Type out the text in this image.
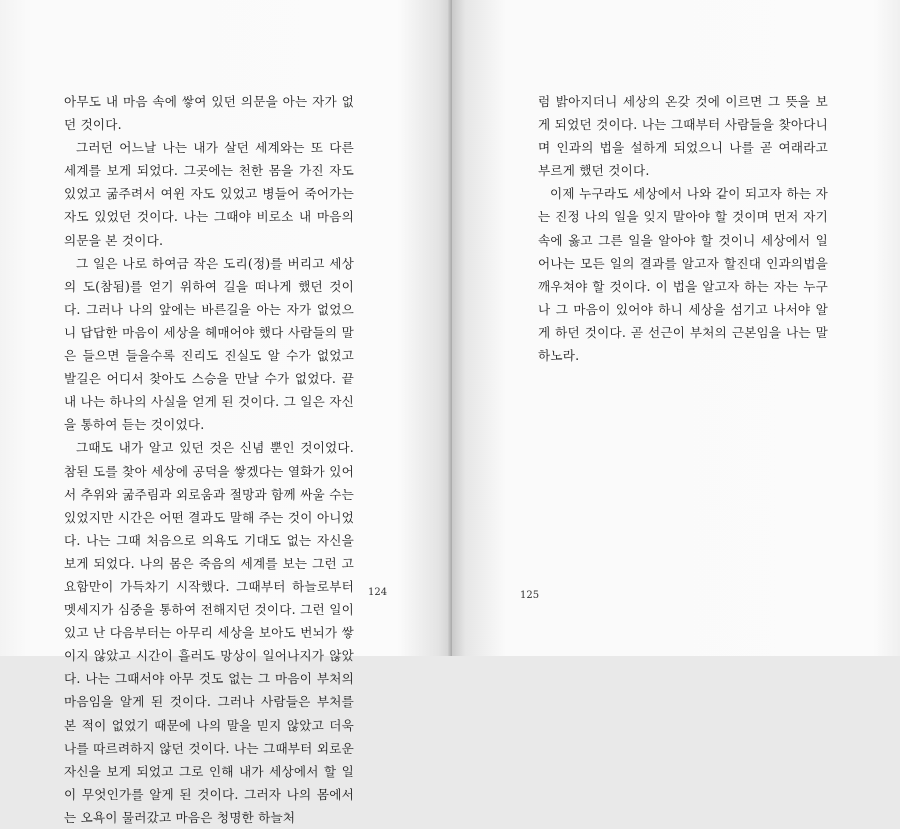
아무도 내 마음 속에 쌓여 있던 의문을 아는 자가 없던 것이다.

그러던 어느날 나는 내가 살던 세계와는 또 다른 세계를 보게 되었다. 그곳에는 천한 몸을 가진 자도 있었고 굶주려서 여윈 자도 있었고 병들어 죽어가는 자도 있었던 것이다. 나는 그때야 비로소 내 마음의 의문을 본 것이다.

그 일은 나로 하여금 작은 도리(정)를 버리고 세상의 도(참됨)를 얻기 위하여 길을 떠나게 했던 것이다. 그러나 나의 앞에는 바른길을 아는 자가 없었으니 답답한 마음이 세상을 헤매어야 했다 사람들의 말은 들으면 들을수록 진리도 진실도 알 수가 없었고 발길은 어디서 찾아도 스승을 만날 수가 없었다. 끝내 나는 하나의 사실을 얻게 된 것이다. 그 일은 자신을 통하여 듣는 것이었다.

그때도 내가 알고 있던 것은 신념 뿐인 것이었다. 참된 도를 찾아 세상에 공덕을 쌓겠다는 열화가 있어서 추위와 굶주림과 외로움과 절망과 함께 싸울 수는 있었지만 시간은 어떤 결과도 말해 주는 것이 아니었다. 나는 그때 처음으로 의욕도 기대도 없는 자신을 보게 되었다. 나의 몸은 죽음의 세계를 보는 그런 고요함만이 가득차기 시작했다. 그때부터 하늘로부터 멧세지가 심중을 통하여 전해지던 것이다. 그런 일이 있고 난 다음부터는 아무리 세상을 보아도 번뇌가 쌓이지 않았고 시간이 흘러도 망상이 일어나지가 않았다. 나는 그때서야 아무 것도 없는 그 마음이 부처의 마음임을 알게 된 것이다. 그러나 사람들은 부처를 본 적이 없었기 때문에 나의 말을 믿지 않았고 더욱 나를 따르려하지 않던 것이다. 나는 그때부터 외로운 자신을 보게 되었고 그로 인해 내가 세상에서 할 일이 무엇인가를 알게 된 것이다. 그러자 나의 몸에서는 오욕이 물러갔고 마음은 청명한 하늘처

124

럼 밝아지더니 세상의 온갖 것에 이르면 그 뜻을 보게 되었던 것이다. 나는 그때부터 사람들을 찾아다니며 인과의 법을 설하게 되었으니 나를 곧 여래라고 부르게 했던 것이다.

이제 누구라도 세상에서 나와 같이 되고자 하는 자는 진정 나의 일을 잊지 말아야 할 것이며 먼저 자기 속에 옳고 그른 일을 알아야 할 것이니 세상에서 일어나는 모든 일의 결과를 알고자 할진대 인과의법을 깨우쳐야 할 것이다. 이 법을 알고자 하는 자는 누구나 그 마음이 있어야 하니 세상을 섬기고 나서야 알게 하던 것이다. 곧 선근이 부처의 근본임을 나는 말하노라.

125
